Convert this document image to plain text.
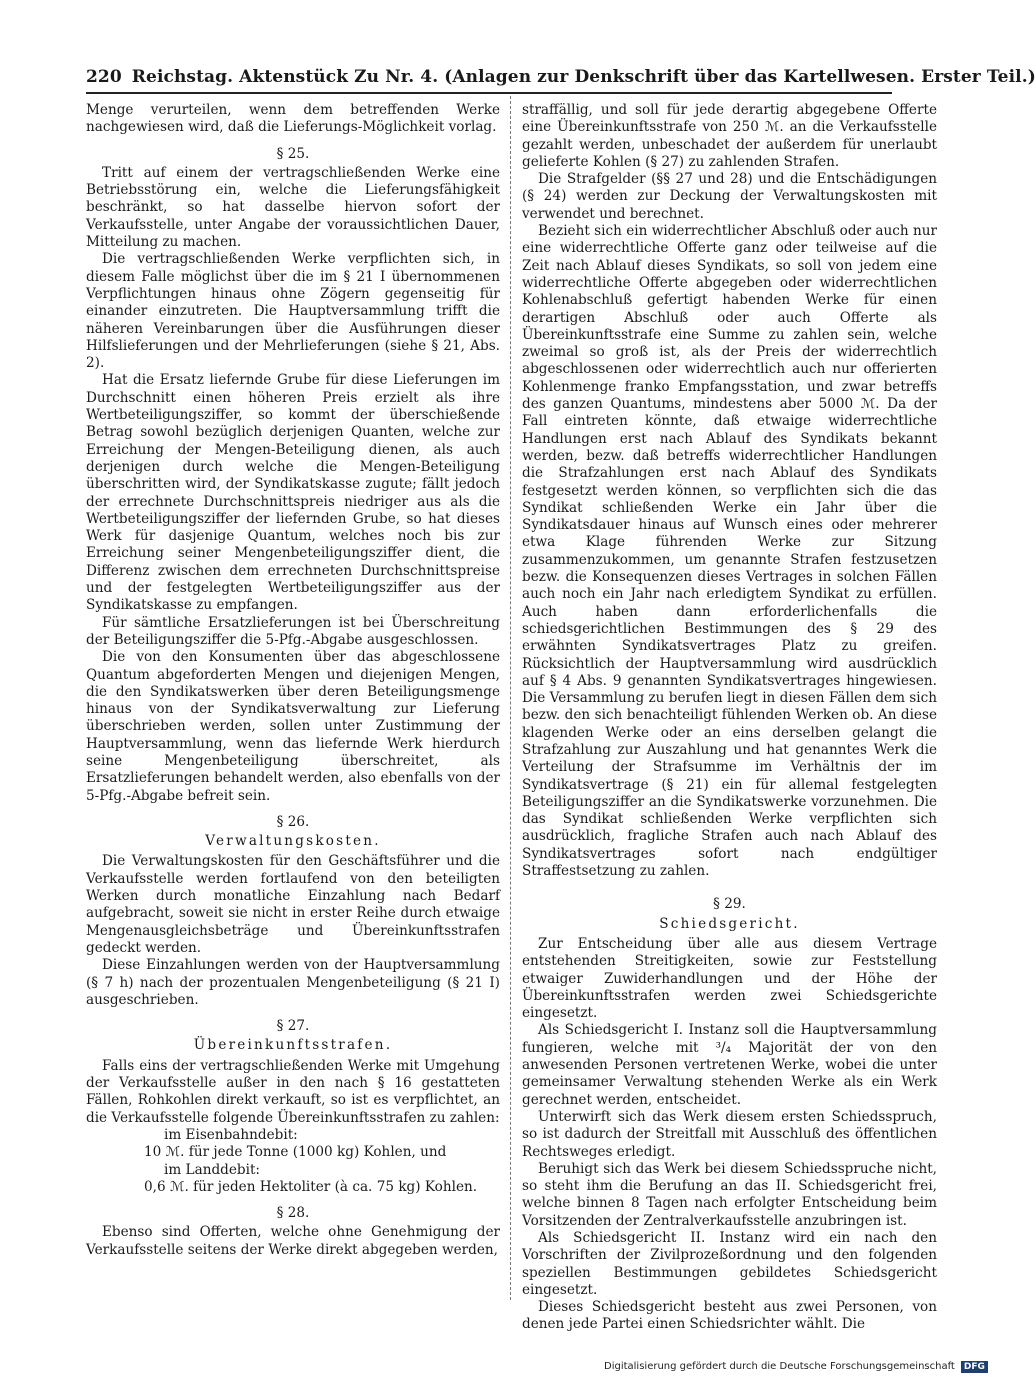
220 Reichstag. Aktenstück Zu Nr. 4. (Anlagen zur Denkschrift über das Kartellwesen. Erster Teil.)

Menge verurteilen, wenn dem betreffenden Werke nachgewiesen wird, daß die Lieferungs-Möglichkeit vorlag.

§ 25.

Tritt auf einem der vertragschließenden Werke eine Betriebsstörung ein, welche die Lieferungsfähigkeit beschränkt, so hat dasselbe hiervon sofort der Verkaufsstelle, unter Angabe der voraussichtlichen Dauer, Mitteilung zu machen.

Die vertragschließenden Werke verpflichten sich, in diesem Falle möglichst über die im § 21 I übernommenen Verpflichtungen hinaus ohne Zögern gegenseitig für einander einzutreten. Die Hauptversammlung trifft die näheren Vereinbarungen über die Ausführungen dieser Hilfslieferungen und der Mehrlieferungen (siehe § 21, Abs. 2).

Hat die Ersatz liefernde Grube für diese Lieferungen im Durchschnitt einen höheren Preis erzielt als ihre Wertbeteiligungsziffer, so kommt der überschießende Betrag sowohl bezüglich derjenigen Quanten, welche zur Erreichung der Mengen-Beteiligung dienen, als auch derjenigen durch welche die Mengen-Beteiligung überschritten wird, der Syndikatskasse zugute; fällt jedoch der errechnete Durchschnittspreis niedriger aus als die Wertbeteiligungsziffer der liefernden Grube, so hat dieses Werk für dasjenige Quantum, welches noch bis zur Erreichung seiner Mengenbeteiligungsziffer dient, die Differenz zwischen dem errechneten Durchschnittspreise und der festgelegten Wertbeteiligungsziffer aus der Syndikatskasse zu empfangen.

Für sämtliche Ersatzlieferungen ist bei Überschreitung der Beteiligungsziffer die 5-Pfg.-Abgabe ausgeschlossen.

Die von den Konsumenten über das abgeschlossene Quantum abgeforderten Mengen und diejenigen Mengen, die den Syndikatswerken über deren Beteiligungsmenge hinaus von der Syndikatsverwaltung zur Lieferung überschrieben werden, sollen unter Zustimmung der Hauptversammlung, wenn das liefernde Werk hierdurch seine Mengenbeteiligung überschreitet, als Ersatzlieferungen behandelt werden, also ebenfalls von der 5-Pfg.-Abgabe befreit sein.

§ 26.
Verwaltungskosten.

Die Verwaltungskosten für den Geschäftsführer und die Verkaufsstelle werden fortlaufend von den beteiligten Werken durch monatliche Einzahlung nach Bedarf aufgebracht, soweit sie nicht in erster Reihe durch etwaige Mengenausgleichsbeträge und Übereinkunftsstrafen gedeckt werden.

Diese Einzahlungen werden von der Hauptversammlung (§ 7 h) nach der prozentualen Mengenbeteiligung (§ 21 I) ausgeschrieben.

§ 27.
Übereinkunftsstrafen.

Falls eins der vertragschließenden Werke mit Umgehung der Verkaufsstelle außer in den nach § 16 gestatteten Fällen, Rohkohlen direkt verkauft, so ist es verpflichtet, an die Verkaufsstelle folgende Übereinkunftsstrafen zu zahlen:

im Eisenbahndebit:

10 ℳ. für jede Tonne (1000 kg) Kohlen, und

im Landdebit:

0,6 ℳ. für jeden Hektoliter (à ca. 75 kg) Kohlen.

§ 28.

Ebenso sind Offerten, welche ohne Genehmigung der Verkaufsstelle seitens der Werke direkt abgegeben werden,

straffällig, und soll für jede derartig abgegebene Offerte eine Übereinkunftsstrafe von 250 ℳ. an die Verkaufsstelle gezahlt werden, unbeschadet der außerdem für unerlaubt gelieferte Kohlen (§ 27) zu zahlenden Strafen.

Die Strafgelder (§§ 27 und 28) und die Entschädigungen (§ 24) werden zur Deckung der Verwaltungskosten mit verwendet und berechnet.

Bezieht sich ein widerrechtlicher Abschluß oder auch nur eine widerrechtliche Offerte ganz oder teilweise auf die Zeit nach Ablauf dieses Syndikats, so soll von jedem eine widerrechtliche Offerte abgegeben oder widerrechtlichen Kohlenabschluß gefertigt habenden Werke für einen derartigen Abschluß oder auch Offerte als Übereinkunftsstrafe eine Summe zu zahlen sein, welche zweimal so groß ist, als der Preis der widerrechtlich abgeschlossenen oder widerrechtlich auch nur offerierten Kohlenmenge franko Empfangsstation, und zwar betreffs des ganzen Quantums, mindestens aber 5000 ℳ. Da der Fall eintreten könnte, daß etwaige widerrechtliche Handlungen erst nach Ablauf des Syndikats bekannt werden, bezw. daß betreffs widerrechtlicher Handlungen die Strafzahlungen erst nach Ablauf des Syndikats festgesetzt werden können, so verpflichten sich die das Syndikat schließenden Werke ein Jahr über die Syndikatsdauer hinaus auf Wunsch eines oder mehrerer etwa Klage führenden Werke zur Sitzung zusammenzukommen, um genannte Strafen festzusetzen bezw. die Konsequenzen dieses Vertrages in solchen Fällen auch noch ein Jahr nach erledigtem Syndikat zu erfüllen. Auch haben dann erforderlichenfalls die schiedsgerichtlichen Bestimmungen des § 29 des erwähnten Syndikatsvertrages Platz zu greifen. Rücksichtlich der Hauptversammlung wird ausdrücklich auf § 4 Abs. 9 genannten Syndikatsvertrages hingewiesen. Die Versammlung zu berufen liegt in diesen Fällen dem sich bezw. den sich benachteiligt fühlenden Werken ob. An diese klagenden Werke oder an eins derselben gelangt die Strafzahlung zur Auszahlung und hat genanntes Werk die Verteilung der Strafsumme im Verhältnis der im Syndikatsvertrage (§ 21) ein für allemal festgelegten Beteiligungsziffer an die Syndikatswerke vorzunehmen. Die das Syndikat schließenden Werke verpflichten sich ausdrücklich, fragliche Strafen auch nach Ablauf des Syndikatsvertrages sofort nach endgültiger Straffestsetzung zu zahlen.

§ 29.
Schiedsgericht.

Zur Entscheidung über alle aus diesem Vertrage entstehenden Streitigkeiten, sowie zur Feststellung etwaiger Zuwiderhandlungen und der Höhe der Übereinkunftsstrafen werden zwei Schiedsgerichte eingesetzt.

Als Schiedsgericht I. Instanz soll die Hauptversammlung fungieren, welche mit ³/₄ Majorität der von den anwesenden Personen vertretenen Werke, wobei die unter gemeinsamer Verwaltung stehenden Werke als ein Werk gerechnet werden, entscheidet.

Unterwirft sich das Werk diesem ersten Schiedsspruch, so ist dadurch der Streitfall mit Ausschluß des öffentlichen Rechtsweges erledigt.

Beruhigt sich das Werk bei diesem Schiedsspruche nicht, so steht ihm die Berufung an das II. Schiedsgericht frei, welche binnen 8 Tagen nach erfolgter Entscheidung beim Vorsitzenden der Zentralverkaufsstelle anzubringen ist.

Als Schiedsgericht II. Instanz wird ein nach den Vorschriften der Zivilprozeßordnung und den folgenden speziellen Bestimmungen gebildetes Schiedsgericht eingesetzt.

Dieses Schiedsgericht besteht aus zwei Personen, von denen jede Partei einen Schiedsrichter wählt. Die

Digitalisierung gefördert durch die Deutsche Forschungsgemeinschaft DFG
